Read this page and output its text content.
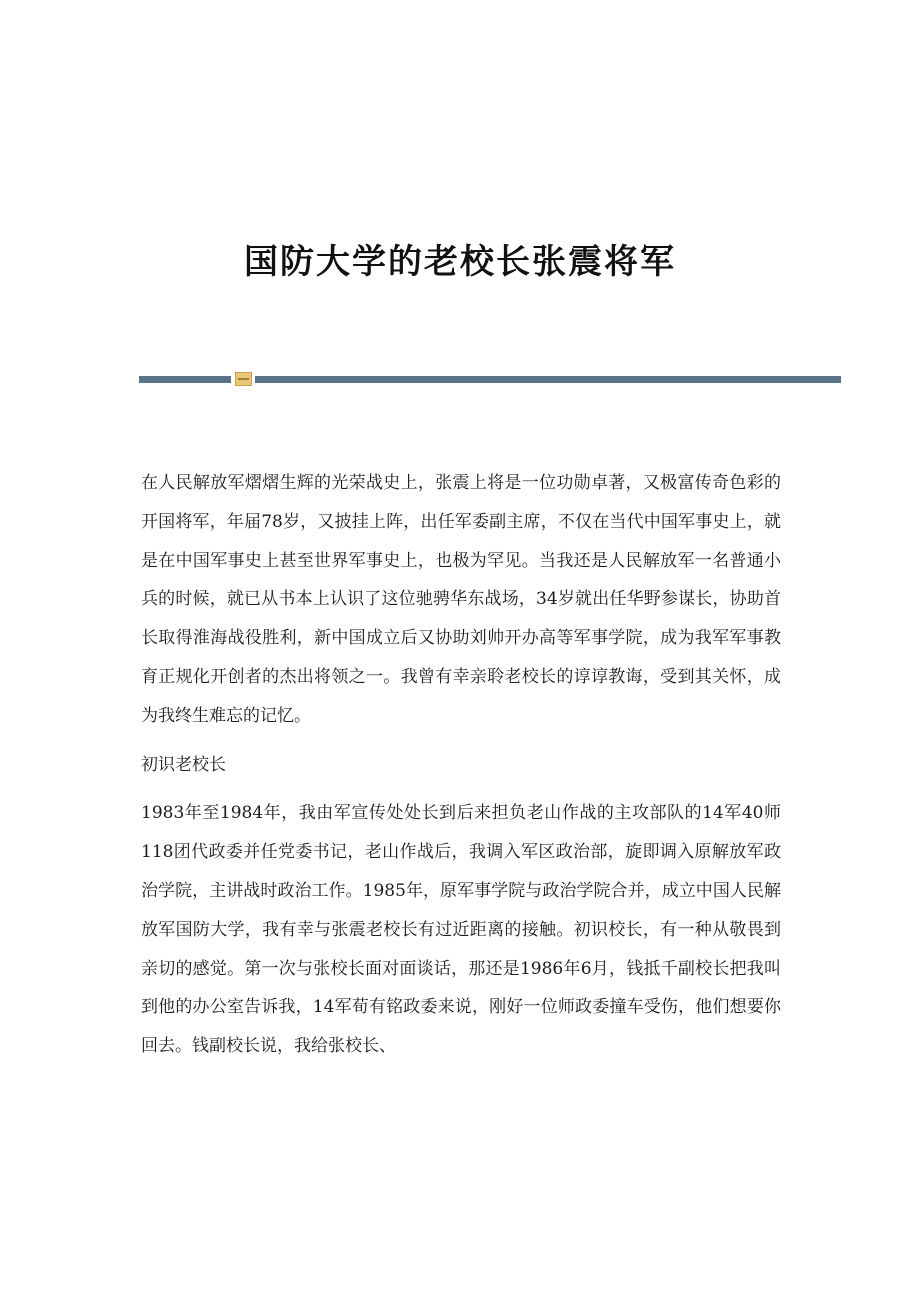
国防大学的老校长张震将军

在人民解放军熠熠生辉的光荣战史上，张震上将是一位功勋卓著，又极富传奇色彩的开国将军，年届78岁，又披挂上阵，出任军委副主席，不仅在当代中国军事史上，就是在中国军事史上甚至世界军事史上，也极为罕见。当我还是人民解放军一名普通小兵的时候，就已从书本上认识了这位驰骋华东战场，34岁就出任华野参谋长，协助首长取得淮海战役胜利，新中国成立后又协助刘帅开办高等军事学院，成为我军军事教育正规化开创者的杰出将领之一。我曾有幸亲聆老校长的谆谆教诲，受到其关怀，成为我终生难忘的记忆。

初识老校长

1983年至1984年，我由军宣传处处长到后来担负老山作战的主攻部队的14军40师118团代政委并任党委书记，老山作战后，我调入军区政治部，旋即调入原解放军政治学院，主讲战时政治工作。1985年，原军事学院与政治学院合并，成立中国人民解放军国防大学，我有幸与张震老校长有过近距离的接触。初识校长，有一种从敬畏到亲切的感觉。第一次与张校长面对面谈话，那还是1986年6月，钱抵千副校长把我叫到他的办公室告诉我，14军荀有铭政委来说，刚好一位师政委撞车受伤，他们想要你回去。钱副校长说，我给张校长、
